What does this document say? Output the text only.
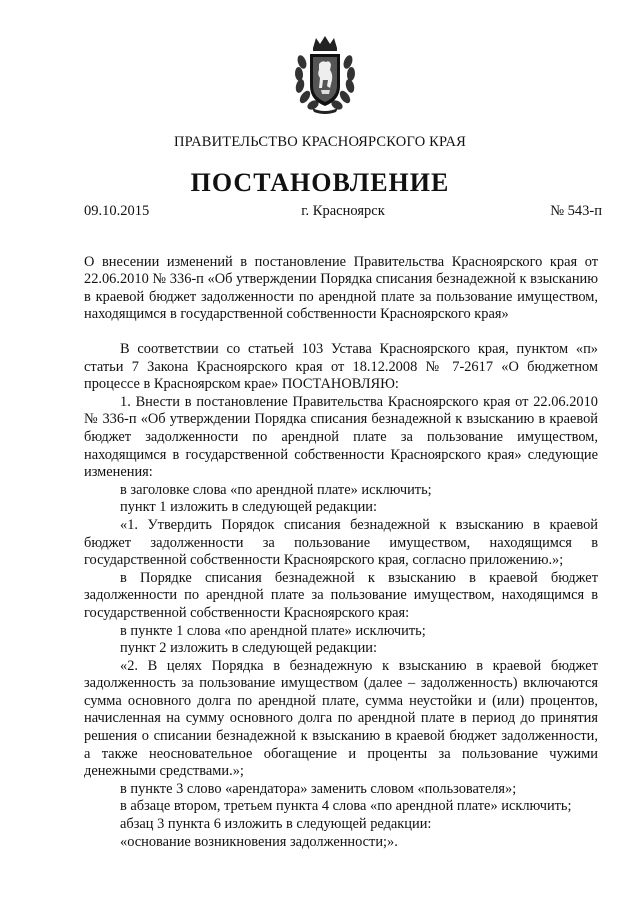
ПРАВИТЕЛЬСТВО КРАСНОЯРСКОГО КРАЯ
ПОСТАНОВЛЕНИЕ
09.10.2015	г. Красноярск	№ 543-п
О внесении изменений в постановление Правительства Красноярского края от 22.06.2010 № 336-п «Об утверждении Порядка списания безнадежной к взысканию в краевой бюджет задолженности по арендной плате за пользование имуществом, находящимся в государственной собственности Красноярского края»

В соответствии со статьей 103 Устава Красноярского края, пунктом «п» статьи 7 Закона Красноярского края от 18.12.2008 № 7-2617 «О бюджетном процессе в Красноярском крае» ПОСТАНОВЛЯЮ:

1. Внести в постановление Правительства Красноярского края от 22.06.2010 № 336-п «Об утверждении Порядка списания безнадежной к взысканию в краевой бюджет задолженности по арендной плате за пользование имуществом, находящимся в государственной собственности Красноярского края» следующие изменения:

в заголовке слова «по арендной плате» исключить;

пункт 1 изложить в следующей редакции:

«1. Утвердить Порядок списания безнадежной к взысканию в краевой бюджет задолженности за пользование имуществом, находящимся в государственной собственности Красноярского края, согласно приложению.»;

в Порядке списания безнадежной к взысканию в краевой бюджет задолженности по арендной плате за пользование имуществом, находящимся в государственной собственности Красноярского края:

в пункте 1 слова «по арендной плате» исключить;

пункт 2 изложить в следующей редакции:

«2. В целях Порядка в безнадежную к взысканию в краевой бюджет задолженность за пользование имуществом (далее – задолженность) включаются сумма основного долга по арендной плате, сумма неустойки и (или) процентов, начисленная на сумму основного долга по арендной плате в период до принятия решения о списании безнадежной к взысканию в краевой бюджет задолженности, а также неосновательное обогащение и проценты за пользование чужими денежными средствами.»;

в пункте 3 слово «арендатора» заменить словом «пользователя»;

в абзаце втором, третьем пункта 4 слова «по арендной плате» исключить;

абзац 3 пункта 6 изложить в следующей редакции:

«основание возникновения задолженности;».
